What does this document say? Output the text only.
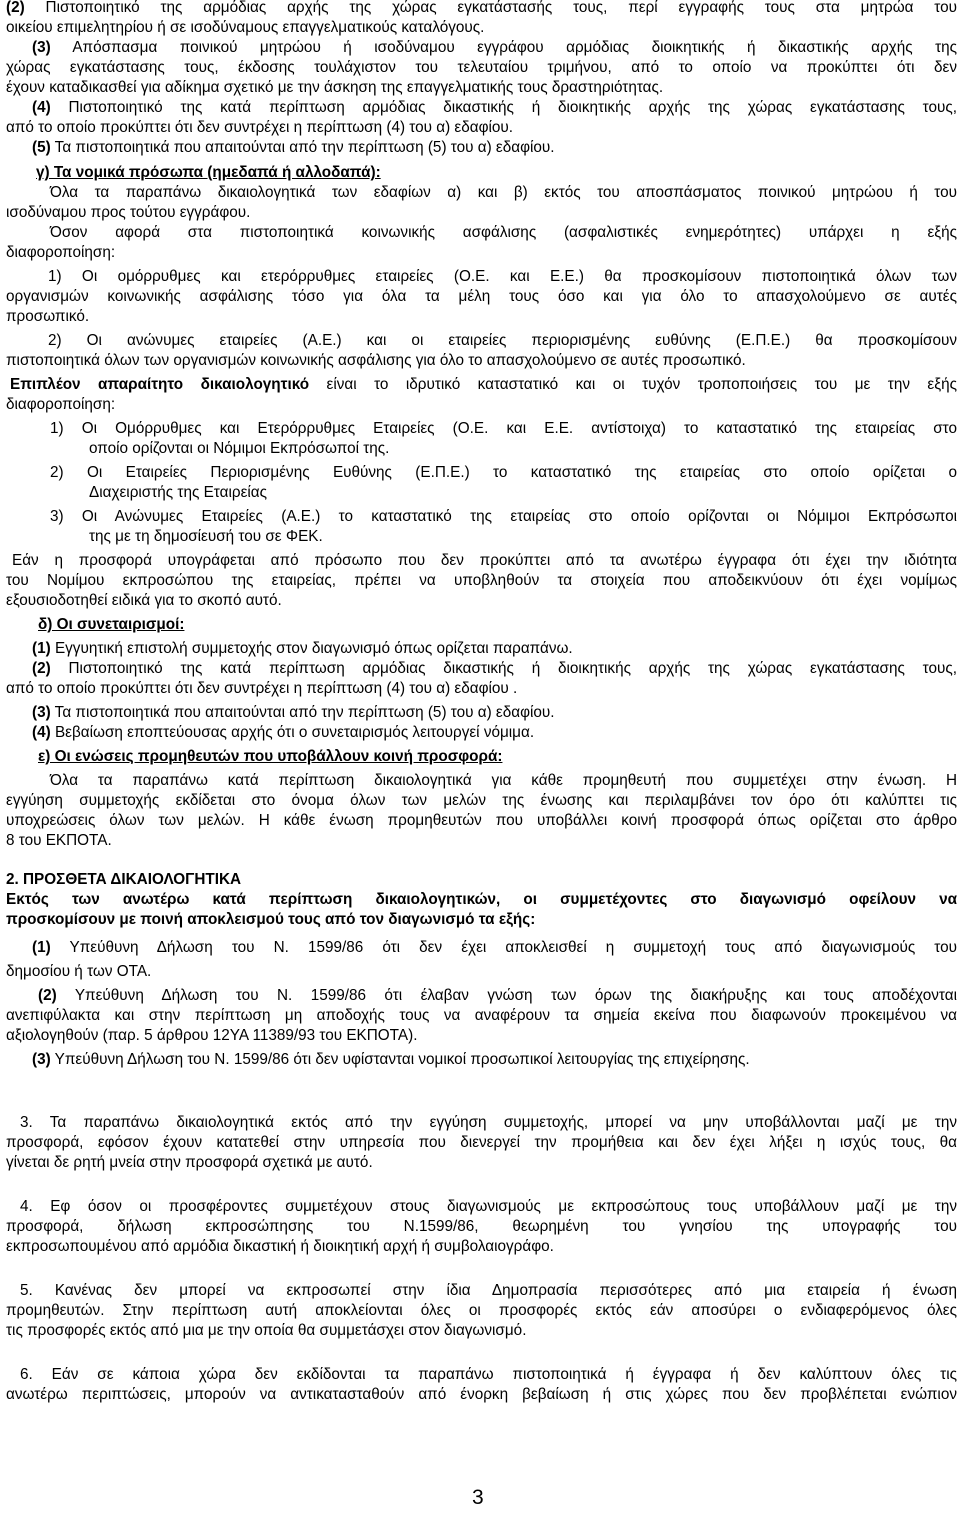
(2) Πιστοποιητικό της αρμόδιας αρχής της χώρας εγκατάστασής τους, περί εγγραφής τους στα μητρώα του
οικείου επιμελητηρίου ή σε ισοδύναμους επαγγελματικούς καταλόγους.
(3) Απόσπασμα ποινικού μητρώου ή ισοδύναμου εγγράφου αρμόδιας διοικητικής ή δικαστικής αρχής της
χώρας εγκατάστασης τους, έκδοσης τουλάχιστον του τελευταίου τριμήνου, από το οποίο να προκύπτει ότι δεν
έχουν καταδικασθεί για αδίκημα σχετικό με την άσκηση της επαγγελματικής τους δραστηριότητας.
(4) Πιστοποιητικό της κατά περίπτωση αρμόδιας δικαστικής ή διοικητικής αρχής της χώρας εγκατάστασης τους,
από το οποίο προκύπτει ότι δεν συντρέχει η περίπτωση (4) του α) εδαφίου.
(5) Τα πιστοποιητικά που απαιτούνται από την περίπτωση (5) του α) εδαφίου.
γ) Τα νομικά πρόσωπα (ημεδαπά ή αλλοδαπά):
Όλα τα παραπάνω δικαιολογητικά των εδαφίων α) και β) εκτός του αποσπάσματος ποινικού μητρώου ή του
ισοδύναμου προς τούτου εγγράφου.
Όσον αφορά στα πιστοποιητικά κοινωνικής ασφάλισης (ασφαλιστικές ενημερότητες) υπάρχει η εξής
διαφοροποίηση:
1) Οι ομόρρυθμες και ετερόρρυθμες εταιρείες (Ο.Ε. και Ε.Ε.) θα προσκομίσουν πιστοποιητικά όλων των
οργανισμών κοινωνικής ασφάλισης τόσο για όλα τα μέλη τους όσο και για όλο το απασχολούμενο σε αυτές
προσωπικό.
2) Οι ανώνυμες εταιρείες (Α.Ε.) και οι εταιρείες περιορισμένης ευθύνης (Ε.Π.Ε.) θα προσκομίσουν
πιστοποιητικά όλων των οργανισμών κοινωνικής ασφάλισης για όλο το απασχολούμενο σε αυτές προσωπικό.
Επιπλέον απαραίτητο δικαιολογητικό είναι το ιδρυτικό καταστατικό και οι τυχόν τροποποιήσεις του με την εξής
διαφοροποίηση:
1) Οι Ομόρρυθμες και Ετερόρρυθμες Εταιρείες (Ο.Ε. και Ε.Ε. αντίστοιχα) το καταστατικό της εταιρείας στο
οποίο ορίζονται οι Νόμιμοι Εκπρόσωποί της.
2) Οι Εταιρείες Περιορισμένης Ευθύνης (Ε.Π.Ε.) το καταστατικό της εταιρείας στο οποίο ορίζεται ο
Διαχειριστής της Εταιρείας
3) Οι Ανώνυμες Εταιρείες (Α.Ε.) το καταστατικό της εταιρείας στο οποίο ορίζονται οι Νόμιμοι Εκπρόσωποι
της με τη δημοσίευσή του σε ΦΕΚ.
Εάν η προσφορά υπογράφεται από πρόσωπο που δεν προκύπτει από τα ανωτέρω έγγραφα ότι έχει την ιδιότητα
του Νομίμου εκπροσώπου της εταιρείας, πρέπει να υποβληθούν τα στοιχεία που αποδεικνύουν ότι έχει νομίμως
εξουσιοδοτηθεί ειδικά για το σκοπό αυτό.
δ) Οι συνεταιρισμοί:
(1) Εγγυητική επιστολή συμμετοχής στον διαγωνισμό όπως ορίζεται παραπάνω.
(2) Πιστοποιητικό της κατά περίπτωση αρμόδιας δικαστικής ή διοικητικής αρχής της χώρας εγκατάστασης τους,
από το οποίο προκύπτει ότι δεν συντρέχει η περίπτωση (4) του α) εδαφίου .
(3) Τα πιστοποιητικά που απαιτούνται από την περίπτωση (5) του α) εδαφίου.
(4) Βεβαίωση εποπτεύουσας αρχής ότι ο συνεταιρισμός λειτουργεί νόμιμα.
ε) Οι ενώσεις προμηθευτών που υποβάλλουν κοινή προσφορά:
Όλα τα παραπάνω κατά περίπτωση δικαιολογητικά για κάθε προμηθευτή που συμμετέχει στην ένωση. Η
εγγύηση συμμετοχής εκδίδεται στο όνομα όλων των μελών της ένωσης και περιλαμβάνει τον όρο ότι καλύπτει τις
υποχρεώσεις όλων των μελών. Η κάθε ένωση προμηθευτών που υποβάλλει κοινή προσφορά όπως ορίζεται στο άρθρο
8 του ΕΚΠΟΤΑ.
2. ΠΡΟΣΘΕΤΑ ΔΙΚΑΙΟΛΟΓΗΤΙΚΑ
Εκτός των ανωτέρω κατά περίπτωση δικαιολογητικών, οι συμμετέχοντες στο διαγωνισμό οφείλουν να
προσκομίσουν με ποινή αποκλεισμού τους από τον διαγωνισμό τα εξής:
(1) Υπεύθυνη Δήλωση του Ν. 1599/86 ότι δεν έχει αποκλεισθεί η συμμετοχή τους από διαγωνισμούς του
δημοσίου ή των ΟΤΑ.
(2) Υπεύθυνη Δήλωση του Ν. 1599/86 ότι έλαβαν γνώση των όρων της διακήρυξης και τους αποδέχονται
ανεπιφύλακτα και στην περίπτωση μη αποδοχής τους να αναφέρουν τα σημεία εκείνα που διαφωνούν προκειμένου να
αξιολογηθούν (παρ. 5 άρθρου 12ΥΑ 11389/93 του ΕΚΠΟΤΑ).
(3) Υπεύθυνη Δήλωση του Ν. 1599/86 ότι δεν υφίστανται νομικοί προσωπικοί λειτουργίας της επιχείρησης.
3. Τα παραπάνω δικαιολογητικά εκτός από την εγγύηση συμμετοχής, μπορεί να μην υποβάλλονται μαζί με την
προσφορά, εφόσον έχουν κατατεθεί στην υπηρεσία που διενεργεί την προμήθεια και δεν έχει λήξει η ισχύς τους, θα
γίνεται δε ρητή μνεία στην προσφορά σχετικά με αυτό.
4. Εφ όσον οι προσφέροντες συμμετέχουν στους διαγωνισμούς με εκπροσώπους τους υποβάλλουν μαζί με την
προσφορά, δήλωση εκπροσώπησης του Ν.1599/86, θεωρημένη του γνησίου της υπογραφής του
εκπροσωπουμένου από αρμόδια δικαστική ή διοικητική αρχή ή συμβολαιογράφο.
5. Κανένας δεν μπορεί να εκπροσωπεί στην ίδια Δημοπρασία περισσότερες από μια εταιρεία ή ένωση
προμηθευτών. Στην περίπτωση αυτή αποκλείονται όλες οι προσφορές εκτός εάν αποσύρει ο ενδιαφερόμενος όλες
τις προσφορές εκτός από μια με την οποία θα συμμετάσχει στον διαγωνισμό.
6. Εάν σε κάποια χώρα δεν εκδίδονται τα παραπάνω πιστοποιητικά ή έγγραφα ή δεν καλύπτουν όλες τις
ανωτέρω περιπτώσεις, μπορούν να αντικατασταθούν από ένορκη βεβαίωση ή στις χώρες που δεν προβλέπεται ενώπιον
3
